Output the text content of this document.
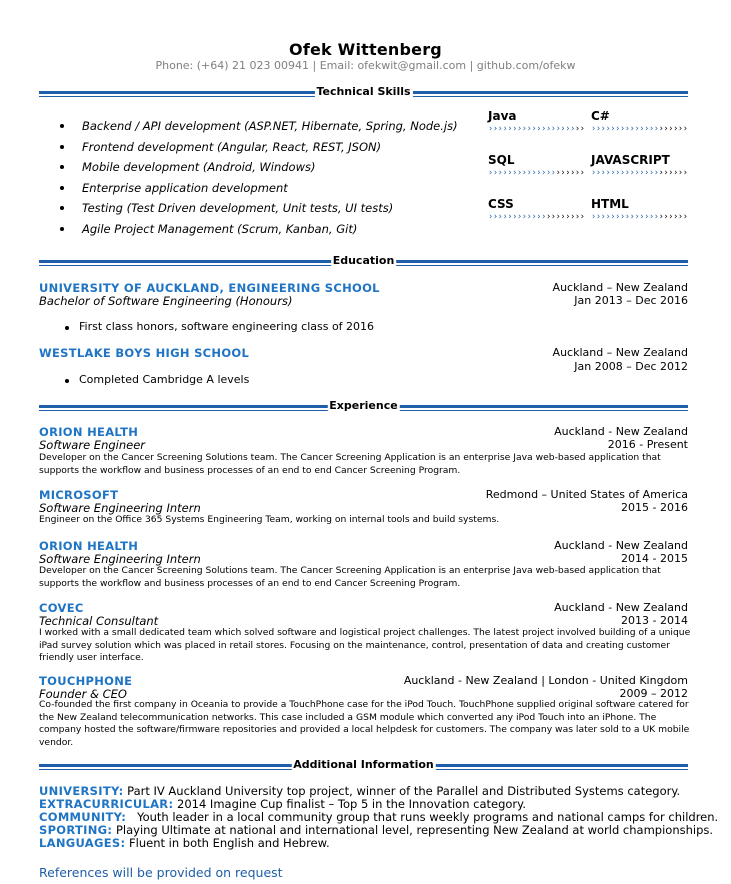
Ofek Wittenberg
Phone: (+64) 21 023 00941 | Email: ofekwit@gmail.com | github.com/ofekw
Technical Skills
Backend / API development (ASP.NET, Hibernate, Spring, Node.js)
Frontend development (Angular, React, REST, JSON)
Mobile development (Android, Windows)
Enterprise application development
Testing (Test Driven development, Unit tests, UI tests)
Agile Project Management (Scrum, Kanban, Git)
Java
››››››››››››››››››››
C#
››››››››››››››››››››
SQL
››››››››››››››››››››
JAVASCRIPT
››››››››››››››››››››
CSS
››››››››››››››››››››
HTML
››››››››››››››››››››
Education
UNIVERSITY OF AUCKLAND, ENGINEERING SCHOOL
Bachelor of Software Engineering (Honours)
Auckland – New Zealand
Jan 2013 – Dec 2016
First class honors, software engineering class of 2016
WESTLAKE BOYS HIGH SCHOOL	Auckland – New Zealand
Jan 2008 – Dec 2012
Completed Cambridge A levels
Experience
ORION HEALTH
Software Engineer
Auckland - New Zealand
2016 - Present
Developer on the Cancer Screening Solutions team. The Cancer Screening Application is an enterprise Java web-based application that supports the workflow and business processes of an end to end Cancer Screening Program.
MICROSOFT
Software Engineering Intern
Redmond – United States of America
2015 - 2016
Engineer on the Office 365 Systems Engineering Team, working on internal tools and build systems.
ORION HEALTH
Software Engineering Intern
Auckland - New Zealand
2014 - 2015
Developer on the Cancer Screening Solutions team. The Cancer Screening Application is an enterprise Java web-based application that supports the workflow and business processes of an end to end Cancer Screening Program.
COVEC
Technical Consultant
Auckland - New Zealand
2013 - 2014
I worked with a small dedicated team which solved software and logistical project challenges. The latest project involved building of a unique iPad survey solution which was placed in retail stores. Focusing on the maintenance, control, presentation of data and creating customer friendly user interface.
TOUCHPHONE
Founder & CEO
Auckland - New Zealand | London - United Kingdom
2009 – 2012
Co-founded the first company in Oceania to provide a TouchPhone case for the iPod Touch. TouchPhone supplied original software catered for the New Zealand telecommunication networks. This case included a GSM module which converted any iPod Touch into an iPhone. The company hosted the software/firmware repositories and provided a local helpdesk for customers. The company was later sold to a UK mobile vendor.
Additional Information
UNIVERSITY: Part IV Auckland University top project, winner of the Parallel and Distributed Systems category.
EXTRACURRICULAR: 2014 Imagine Cup finalist – Top 5 in the Innovation category.
COMMUNITY:   Youth leader in a local community group that runs weekly programs and national camps for children.
SPORTING: Playing Ultimate at national and international level, representing New Zealand at world championships.
LANGUAGES: Fluent in both English and Hebrew.
References will be provided on request
